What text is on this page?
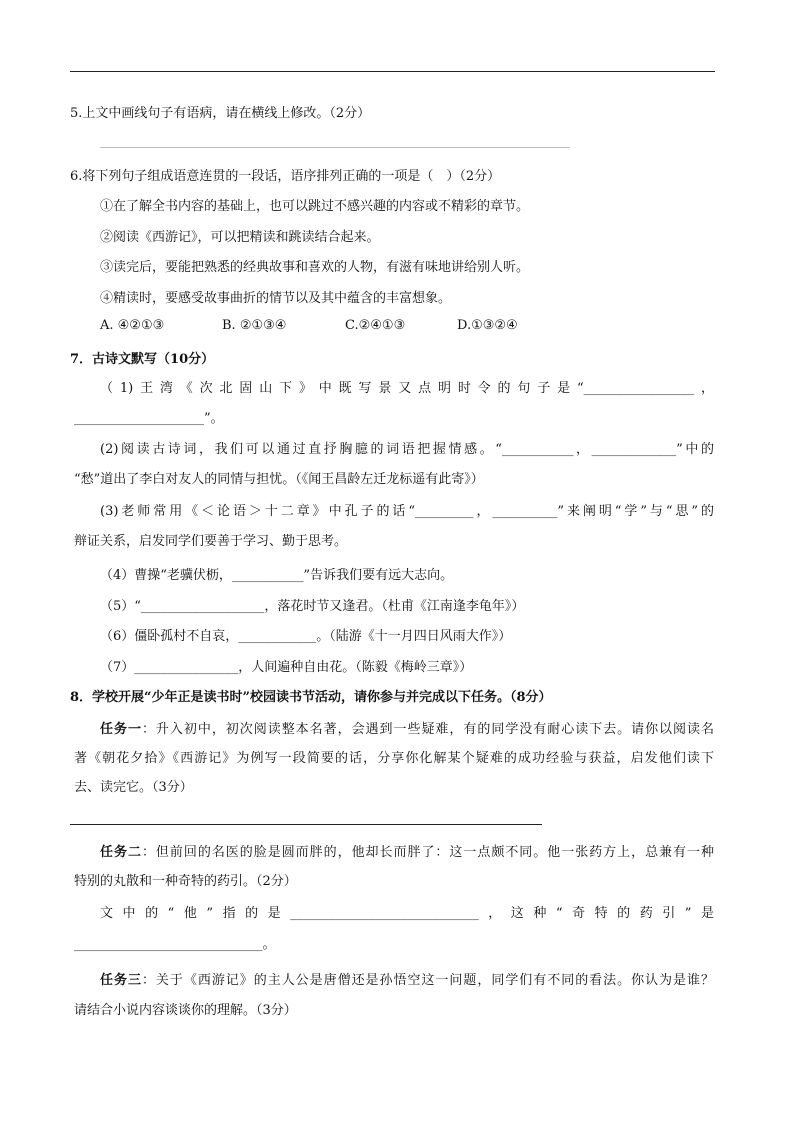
5.上文中画线句子有语病，请在横线上修改。（2分）
6.将下列句子组成语意连贯的一段话，语序排列正确的一项是（　）（2分）
①在了解全书内容的基础上，也可以跳过不感兴趣的内容或不精彩的章节。
②阅读《西游记》，可以把精读和跳读结合起来。
③读完后，要能把熟悉的经典故事和喜欢的人物，有滋有味地讲给别人听。
④精读时，要感受故事曲折的情节以及其中蕴含的丰富想象。
A. ④②①③	B. ②①③④	C.②④①③	D.①③②④
7．古诗文默写（10分）
（1)王湾《次北固山下》中既写景又点明时令的句子是“_________________，
____________________”。
(2)阅读古诗词，我们可以通过直抒胸臆的词语把握情感。“___________，_____________”中的
“愁”道出了李白对友人的同情与担忧。（《闻王昌龄左迁龙标遥有此寄》）
(3)老师常用《＜论语＞十二章》中孔子的话“_________，__________”来阐明“学”与“思”的
辩证关系，启发同学们要善于学习、勤于思考。
（4）曹操“老骥伏枥，___________”告诉我们要有远大志向。
（5）“___________________，落花时节又逢君。（杜甫《江南逢李龟年》）
（6）僵卧孤村不自哀，____________。（陆游《十一月四日风雨大作》）
（7）________________，人间遍种自由花。（陈毅《梅岭三章》）
8．学校开展“少年正是读书时”校园读书节活动，请你参与并完成以下任务。（8分）
任务一：升入初中，初次阅读整本名著，会遇到一些疑难，有的同学没有耐心读下去。请你以阅读名
著《朝花夕拾》《西游记》为例写一段简要的话，分享你化解某个疑难的成功经验与获益，启发他们读下
去、读完它。（3分）
任务二：但前回的名医的脸是圆而胖的，他却长而胖了：这一点颇不同。他一张药方上，总兼有一种
特别的丸散和一种奇特的药引。（2分）
文中的“他”指的是_____________________________，这种“奇特的药引”是
_____________________________。
任务三：关于《西游记》的主人公是唐僧还是孙悟空这一问题，同学们有不同的看法。你认为是谁？
请结合小说内容谈谈你的理解。（3分）
